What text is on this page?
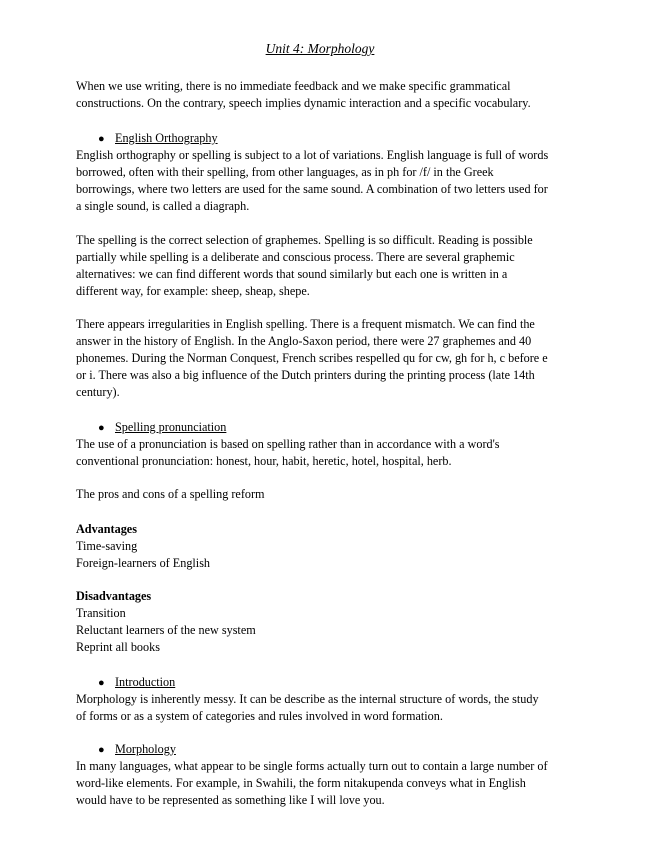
Unit 4: Morphology

When we use writing, there is no immediate feedback and we make specific grammatical

constructions. On the contrary, speech implies dynamic interaction and a specific vocabulary.

● English Orthography

English orthography or spelling is subject to a lot of variations. English language is full of words

borrowed, often with their spelling, from other languages, as in ph for /f/ in the Greek

borrowings, where two letters are used for the same sound. A combination of two letters used for

a single sound, is called a diagraph.

The spelling is the correct selection of graphemes. Spelling is so difficult. Reading is possible

partially while spelling is a deliberate and conscious process. There are several graphemic

alternatives: we can find different words that sound similarly but each one is written in a

different way, for example: sheep, sheap, shepe.

There appears irregularities in English spelling. There is a frequent mismatch. We can find the

answer in the history of English. In the Anglo-Saxon period, there were 27 graphemes and 40

phonemes. During the Norman Conquest, French scribes respelled qu for cw, gh for h, c before e

or i. There was also a big influence of the Dutch printers during the printing process (late 14th

century).

● Spelling pronunciation

The use of a pronunciation is based on spelling rather than in accordance with a word's

conventional pronunciation: honest, hour, habit, heretic, hotel, hospital, herb.

The pros and cons of a spelling reform

Advantages

Time-saving

Foreign-learners of English

Disadvantages

Transition

Reluctant learners of the new system

Reprint all books

● Introduction

Morphology is inherently messy. It can be describe as the internal structure of words, the study

of forms or as a system of categories and rules involved in word formation.

● Morphology

In many languages, what appear to be single forms actually turn out to contain a large number of

word-like elements. For example, in Swahili, the form nitakupenda conveys what in English

would have to be represented as something like I will love you.
